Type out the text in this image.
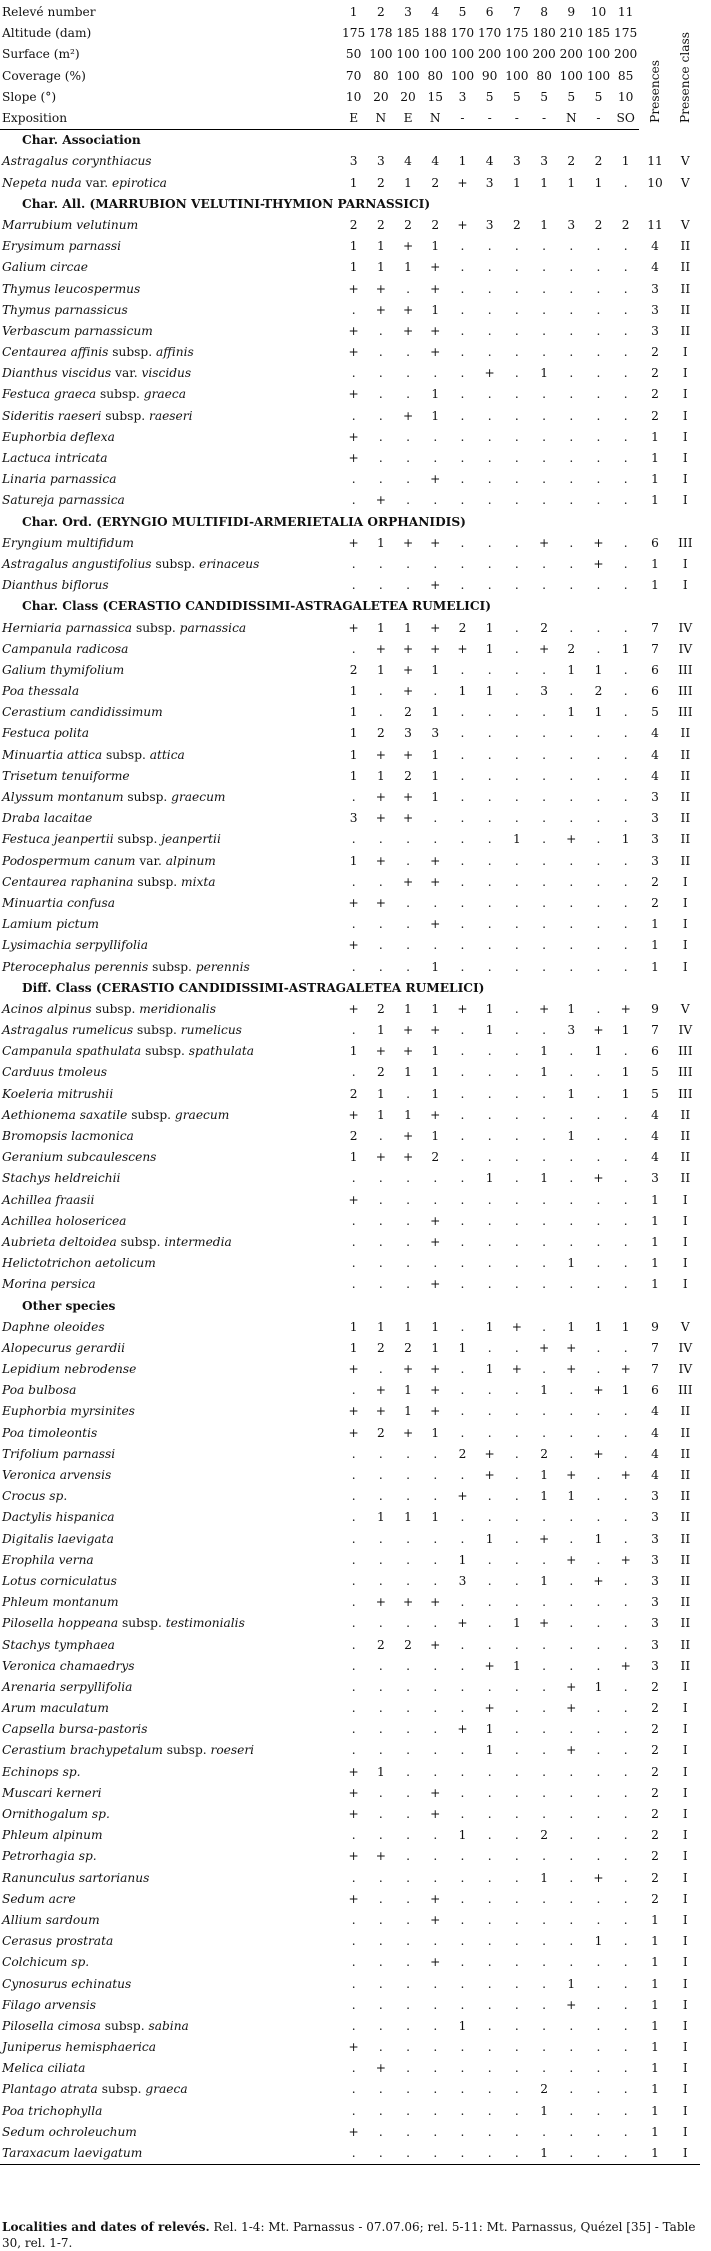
Relevé number	1	2	3	4	5	6	7	8	9	10	11	Presences	Presence class
Altitude (dam)	175	178	185	188	170	170	175	180	210	185	175		
Surface (m²)	50	100	100	100	100	200	100	200	200	100	200		
Coverage (%)	70	80	100	80	100	90	100	80	100	100	85		
Slope (°)	10	20	20	15	3	5	5	5	5	5	10		
Exposition	E	N	E	N	-	-	-	-	N	-	SO		
Char. Association													
Astragalus corynthiacus	3	3	4	4	1	4	3	3	2	2	1	11	V
Nepeta nuda var. epirotica	1	2	1	2	+	3	1	1	1	1	.	10	V
Char. All. (MARRUBION VELUTINI-THYMION PARNASSICI)													
Marrubium velutinum	2	2	2	2	+	3	2	1	3	2	2	11	V
Erysimum parnassi	1	1	+	1	.	.	.	.	.	.	.	4	II
Galium circae	1	1	1	+	.	.	.	.	.	.	.	4	II
Thymus leucospermus	+	+	.	+	.	.	.	.	.	.	.	3	II
Thymus parnassicus	.	+	+	1	.	.	.	.	.	.	.	3	II
Verbascum parnassicum	+	.	+	+	.	.	.	.	.	.	.	3	II
Centaurea affinis subsp. affinis	+	.	.	+	.	.	.	.	.	.	.	2	I
Dianthus viscidus var. viscidus	.	.	.	.	.	+	.	1	.	.	.	2	I
Festuca graeca subsp. graeca	+	.	.	1	.	.	.	.	.	.	.	2	I
Sideritis raeseri subsp. raeseri	.	.	+	1	.	.	.	.	.	.	.	2	I
Euphorbia deflexa	+	.	.	.	.	.	.	.	.	.	.	1	I
Lactuca intricata	+	.	.	.	.	.	.	.	.	.	.	1	I
Linaria parnassica	.	.	.	+	.	.	.	.	.	.	.	1	I
Satureja parnassica	.	+	.	.	.	.	.	.	.	.	.	1	I
Char. Ord. (ERYNGIO MULTIFIDI-ARMERIETALIA ORPHANIDIS)													
Eryngium multifidum	+	1	+	+	.	.	.	+	.	+	.	6	III
Astragalus angustifolius subsp. erinaceus	.	.	.	.	.	.	.	.	.	+	.	1	I
Dianthus biflorus	.	.	.	+	.	.	.	.	.	.	.	1	I
Char. Class (CERASTIO CANDIDISSIMI-ASTRAGALETEA RUMELICI)													
Herniaria parnassica subsp. parnassica	+	1	1	+	2	1	.	2	.	.	.	7	IV
Campanula radicosa	.	+	+	+	+	1	.	+	2	.	1	7	IV
Galium thymifolium	2	1	+	1	.	.	.	.	1	1	.	6	III
Poa thessala	1	.	+	.	1	1	.	3	.	2	.	6	III
Cerastium candidissimum	1	.	2	1	.	.	.	.	1	1	.	5	III
Festuca polita	1	2	3	3	.	.	.	.	.	.	.	4	II
Minuartia attica subsp. attica	1	+	+	1	.	.	.	.	.	.	.	4	II
Trisetum tenuiforme	1	1	2	1	.	.	.	.	.	.	.	4	II
Alyssum montanum subsp. graecum	.	+	+	1	.	.	.	.	.	.	.	3	II
Draba lacaitae	3	+	+	.	.	.	.	.	.	.	.	3	II
Festuca jeanpertii subsp. jeanpertii	.	.	.	.	.	.	1	.	+	.	1	3	II
Podospermum canum var. alpinum	1	+	.	+	.	.	.	.	.	.	.	3	II
Centaurea raphanina subsp. mixta	.	.	+	+	.	.	.	.	.	.	.	2	I
Minuartia confusa	+	+	.	.	.	.	.	.	.	.	.	2	I
Lamium pictum	.	.	.	+	.	.	.	.	.	.	.	1	I
Lysimachia serpyllifolia	+	.	.	.	.	.	.	.	.	.	.	1	I
Pterocephalus perennis subsp. perennis	.	.	.	1	.	.	.	.	.	.	.	1	I
Diff. Class (CERASTIO CANDIDISSIMI-ASTRAGALETEA RUMELICI)													
Acinos alpinus subsp. meridionalis	+	2	1	1	+	1	.	+	1	.	+	9	V
Astragalus rumelicus subsp. rumelicus	.	1	+	+	.	1	.	.	3	+	1	7	IV
Campanula spathulata subsp. spathulata	1	+	+	1	.	.	.	1	.	1	.	6	III
Carduus tmoleus	.	2	1	1	.	.	.	1	.	.	1	5	III
Koeleria mitrushii	2	1	.	1	.	.	.	.	1	.	1	5	III
Aethionema saxatile subsp. graecum	+	1	1	+	.	.	.	.	.	.	.	4	II
Bromopsis lacmonica	2	.	+	1	.	.	.	.	1	.	.	4	II
Geranium subcaulescens	1	+	+	2	.	.	.	.	.	.	.	4	II
Stachys heldreichii	.	.	.	.	.	1	.	1	.	+	.	3	II
Achillea fraasii	+	.	.	.	.	.	.	.	.	.	.	1	I
Achillea holosericea	.	.	.	+	.	.	.	.	.	.	.	1	I
Aubrieta deltoidea subsp. intermedia	.	.	.	+	.	.	.	.	.	.	.	1	I
Helictotrichon aetolicum	.	.	.	.	.	.	.	.	1	.	.	1	I
Morina persica	.	.	.	+	.	.	.	.	.	.	.	1	I
Other species													
Daphne oleoides	1	1	1	1	.	1	+	.	1	1	1	9	V
Alopecurus gerardii	1	2	2	1	1	.	.	+	+	.	.	7	IV
Lepidium nebrodense	+	.	+	+	.	1	+	.	+	.	+	7	IV
Poa bulbosa	.	+	1	+	.	.	.	1	.	+	1	6	III
Euphorbia myrsinites	+	+	1	+	.	.	.	.	.	.	.	4	II
Poa timoleontis	+	2	+	1	.	.	.	.	.	.	.	4	II
Trifolium parnassi	.	.	.	.	2	+	.	2	.	+	.	4	II
Veronica arvensis	.	.	.	.	.	+	.	1	+	.	+	4	II
Crocus sp.	.	.	.	.	+	.	.	1	1	.	.	3	II
Dactylis hispanica	.	1	1	1	.	.	.	.	.	.	.	3	II
Digitalis laevigata	.	.	.	.	.	1	.	+	.	1	.	3	II
Erophila verna	.	.	.	.	1	.	.	.	+	.	+	3	II
Lotus corniculatus	.	.	.	.	3	.	.	1	.	+	.	3	II
Phleum montanum	.	+	+	+	.	.	.	.	.	.	.	3	II
Pilosella hoppeana subsp. testimonialis	.	.	.	.	+	.	1	+	.	.	.	3	II
Stachys tymphaea	.	2	2	+	.	.	.	.	.	.	.	3	II
Veronica chamaedrys	.	.	.	.	.	+	1	.	.	.	+	3	II
Arenaria serpyllifolia	.	.	.	.	.	.	.	.	+	1	.	2	I
Arum maculatum	.	.	.	.	.	+	.	.	+	.	.	2	I
Capsella bursa-pastoris	.	.	.	.	+	1	.	.	.	.	.	2	I
Cerastium brachypetalum subsp. roeseri	.	.	.	.	.	1	.	.	+	.	.	2	I
Echinops sp.	+	1	.	.	.	.	.	.	.	.	.	2	I
Muscari kerneri	+	.	.	+	.	.	.	.	.	.	.	2	I
Ornithogalum sp.	+	.	.	+	.	.	.	.	.	.	.	2	I
Phleum alpinum	.	.	.	.	1	.	.	2	.	.	.	2	I
Petrorhagia sp.	+	+	.	.	.	.	.	.	.	.	.	2	I
Ranunculus sartorianus	.	.	.	.	.	.	.	1	.	+	.	2	I
Sedum acre	+	.	.	+	.	.	.	.	.	.	.	2	I
Allium sardoum	.	.	.	+	.	.	.	.	.	.	.	1	I
Cerasus prostrata	.	.	.	.	.	.	.	.	.	1	.	1	I
Colchicum sp.	.	.	.	+	.	.	.	.	.	.	.	1	I
Cynosurus echinatus	.	.	.	.	.	.	.	.	1	.	.	1	I
Filago arvensis	.	.	.	.	.	.	.	.	+	.	.	1	I
Pilosella cimosa subsp. sabina	.	.	.	.	1	.	.	.	.	.	.	1	I
Juniperus hemisphaerica	+	.	.	.	.	.	.	.	.	.	.	1	I
Melica ciliata	.	+	.	.	.	.	.	.	.	.	.	1	I
Plantago atrata subsp. graeca	.	.	.	.	.	.	.	2	.	.	.	1	I
Poa trichophylla	.	.	.	.	.	.	.	1	.	.	.	1	I
Sedum ochroleuchum	+	.	.	.	.	.	.	.	.	.	.	1	I
Taraxacum laevigatum	.	.	.	.	.	.	.	1	.	.	.	1	I
Localities and dates of relevés. Rel. 1-4: Mt. Parnassus - 07.07.06; rel. 5-11: Mt. Parnassus, Quézel [35] - Table 30, rel. 1-7.
